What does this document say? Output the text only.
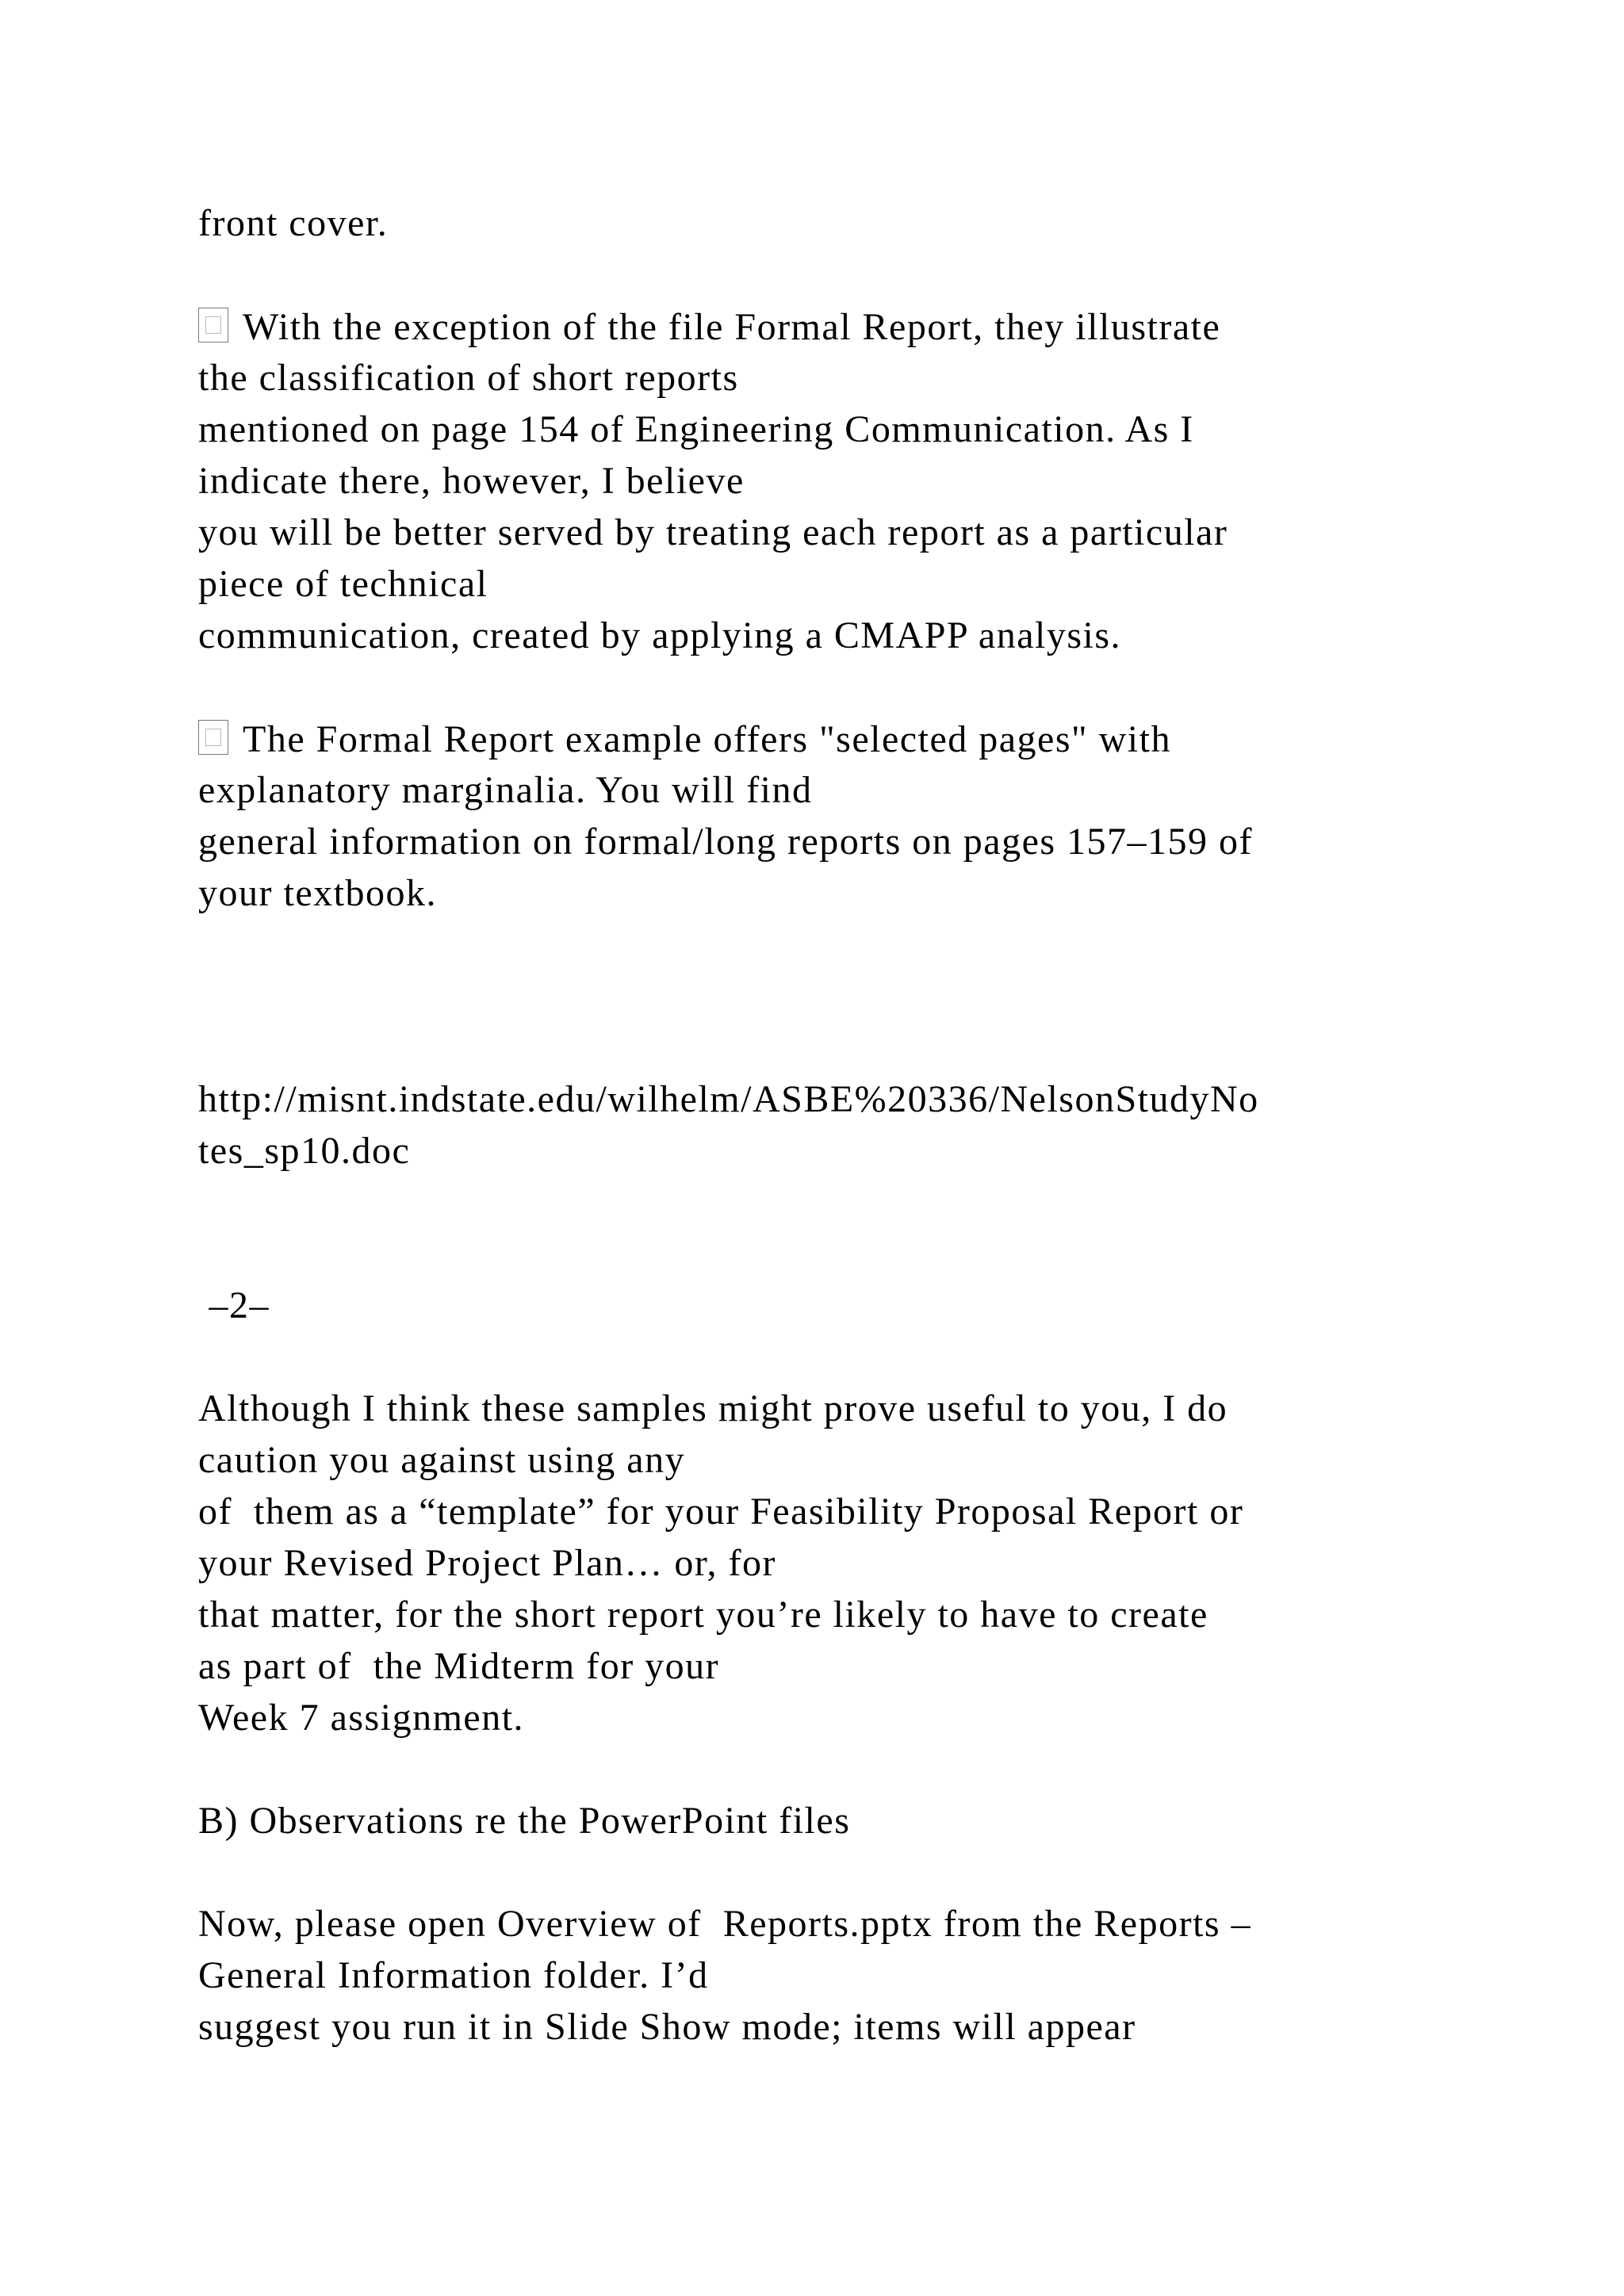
front cover.

With the exception of the file Formal Report, they illustrate

the classification of short reports

mentioned on page 154 of Engineering Communication. As I

indicate there, however, I believe

you will be better served by treating each report as a particular

piece of technical

communication, created by applying a CMAPP analysis.

The Formal Report example offers "selected pages" with

explanatory marginalia. You will find

general information on formal/long reports on pages 157–159 of

your textbook.

http://misnt.indstate.edu/wilhelm/ASBE%20336/NelsonStudyNo

tes_sp10.doc

–2–

Although I think these samples might prove useful to you, I do

caution you against using any

of  them as a “template” for your Feasibility Proposal Report or

your Revised Project Plan… or, for

that matter, for the short report you’re likely to have to create

as part of  the Midterm for your

Week 7 assignment.

B) Observations re the PowerPoint files

Now, please open Overview of  Reports.pptx from the Reports –

General Information folder. I’d

suggest you run it in Slide Show mode; items will appear
